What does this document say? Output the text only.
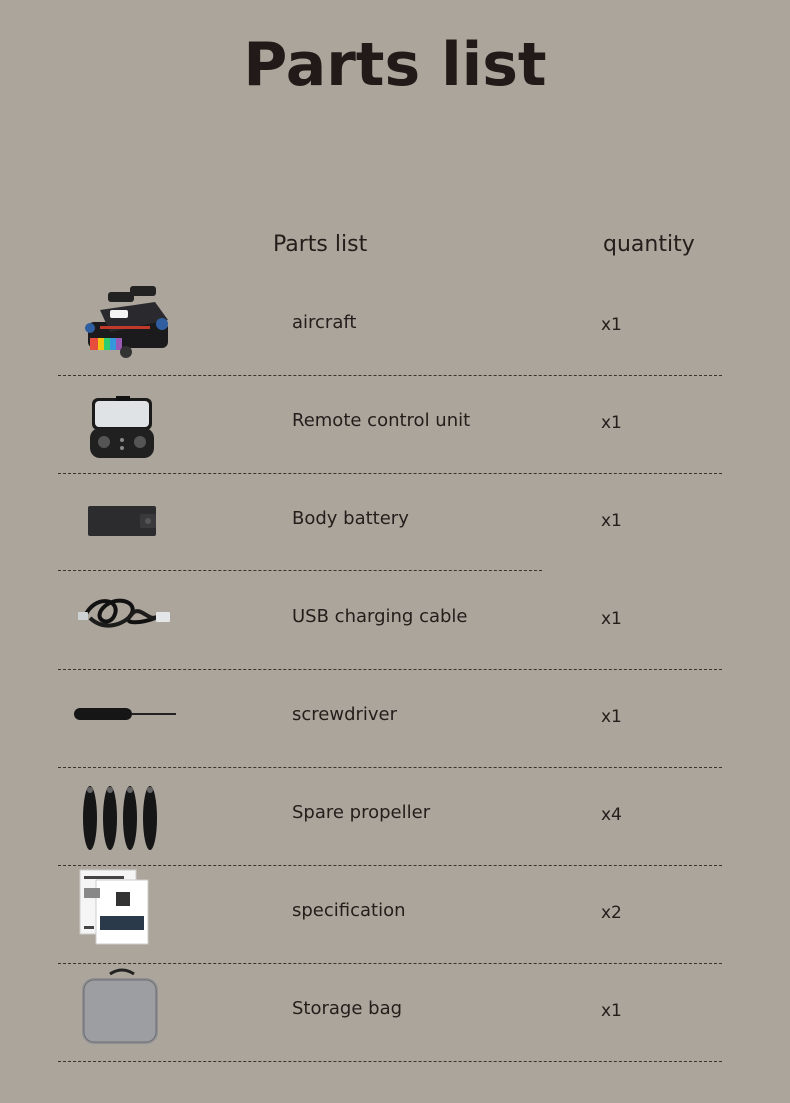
Parts list
Parts list	quantity
aircraft	x1
Remote control unit	x1
Body battery	x1
USB charging cable	x1
screwdriver	x1
Spare propeller	x4
specification	x2
Storage bag	x1
